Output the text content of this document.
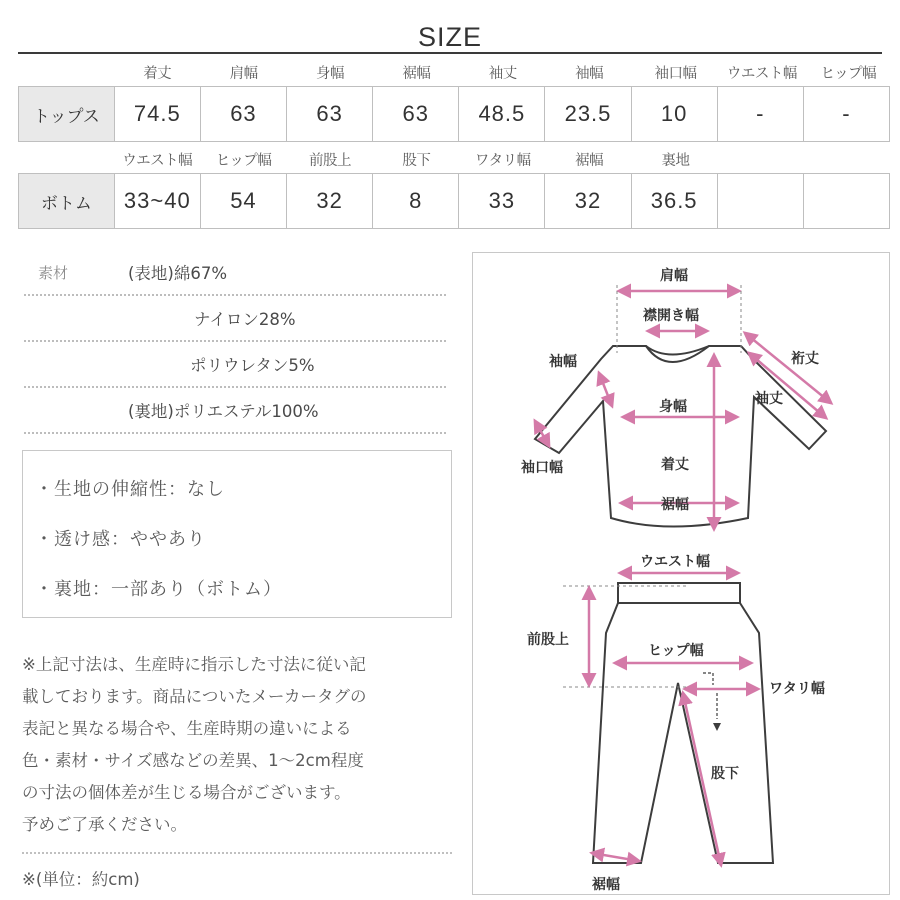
SIZE
着丈	肩幅	身幅	裾幅	袖丈	袖幅	袖口幅	ウエスト幅	ヒップ幅
トップス	74.5	63	63	63	48.5	23.5	10	-	-
ウエスト幅	ヒップ幅	前股上	股下	ワタリ幅	裾幅	裏地
ボトム	33~40	54	32	8	33	32	36.5
素材	(表地)綿67%
ナイロン28%
ポリウレタン5%
(裏地)ポリエステル100%
・生地の伸縮性：なし
・透け感：ややあり
・裏地：一部あり（ボトム）
※上記寸法は、生産時に指示した寸法に従い記
載しております。商品についたメーカータグの
表記と異なる場合や、生産時期の違いによる
色・素材・サイズ感などの差異、1～2cm程度
の寸法の個体差が生じる場合がございます。
予めご了承ください。
※(単位：約cm)
肩幅
襟開き幅
裄丈
袖幅
袖丈
身幅
袖口幅	着丈
裾幅
ウエスト幅
前股上
ヒップ幅
ワタリ幅
股下
裾幅
